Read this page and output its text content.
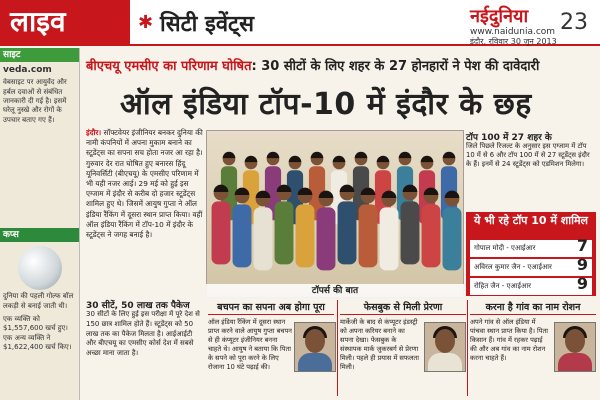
लाइव	✱ सिटी इवेंट्स	नईदुनिया
www.naidunia.com
इंदौर, रविवार 30 जून 2013
23
साइट
veda.com
वेबसाइट पर आयुर्वेद और हर्बल दवाओं से संबंधित जानकारी दी गई है। इसमें घरेलू नुस्खे और रोगों के उपचार बताए गए हैं।
कप्स
दुनिया की पहली गोल्फ बॉल लकड़ी से बनाई जाती थी।
एक व्यक्ति को $1,557,600 खर्च हुए। एक अन्य व्यक्ति ने $1,622,400 खर्च किए।
बीएचयू एमसीए का परिणाम घोषित: 30 सीटों के लिए शहर के 27 होनहारों ने पेश की दावेदारी
ऑल इंडिया टॉप-10 में इंदौर के छह
इंदौर। सॉफ्टवेयर इंजीनियर बनकर दुनिया की नामी कंपनियों में अपना मुकाम बनाने का स्टूडेंट्स का सपना सच होता नजर आ रहा है। गुरुवार देर रात घोषित हुए बनारस हिंदू यूनिवर्सिटी (बीएचयू) के एमसीए परिणाम में भी यही नजर आई। 29 मई को हुई इस एग्जाम में इंदौर से करीब दो हजार स्टूडेंट्स शामिल हुए थे। जिसमें आयुष गुप्ता ने ऑल इंडिया रैंकिंग में दूसरा स्थान प्राप्त किया। वहीं ऑल इंडिया रैंकिंग में टॉप-10 में इंदौर के स्टूडेंट्स ने जगह बनाई है।
30 सीटें, 50 लाख तक पैकेज
30 सीटों के लिए हुई इस परीक्षा में पूरे देश से 150 छात्र शामिल होते हैं। स्टूडेंट्स को 50 लाख तक का पैकेज मिलता है। आईआईटी और बीएचयू का एमसीए कोर्स देश में सबसे अच्छा माना जाता है।
टॉपर्स की बात
टॉप 100 में 27 शहर के
जिले पिछले रिजल्ट के अनुसार इस एग्जाम में टॉप 10 में से 6 और टॉप 100 में से 27 स्टूडेंट्स इंदौर के हैं। इनमें से 24 स्टूडेंट्स को एडमिशन मिलेगा।
ये भी रहे टॉप 10 में शामिल
गोपाल मोदी - एआईआर	7
अविरल कुमार जैन - एआईआर 9
रोहित जैन - एआईआर	9
बचपन का सपना अब होगा पूरा
ऑल इंडिया रैंकिंग में दूसरा स्थान प्राप्त करने वाले आयुष गुप्ता बचपन से ही कंप्यूटर इंजीनियर बनना चाहते थे। आयुष ने बताया कि पिता के सपने को पूरा करने के लिए रोजाना 10 घंटे पढ़ाई की।
फेसबुक से मिली प्रेरणा
मार्केजी के बाद से कंप्यूटर इंडस्ट्री को अपना करियर बनाने का सपना देखा। फेसबुक के संस्थापक मार्क जुकरबर्ग से प्रेरणा मिली। पहले ही प्रयास में सफलता मिली।
करना है गांव का नाम रोशन
अपने गांव से ऑल इंडिया में पांचवा स्थान प्राप्त किया है। पिता किसान हैं। गांव में रहकर पढ़ाई की और अब गांव का नाम रोशन करना चाहते हैं।
